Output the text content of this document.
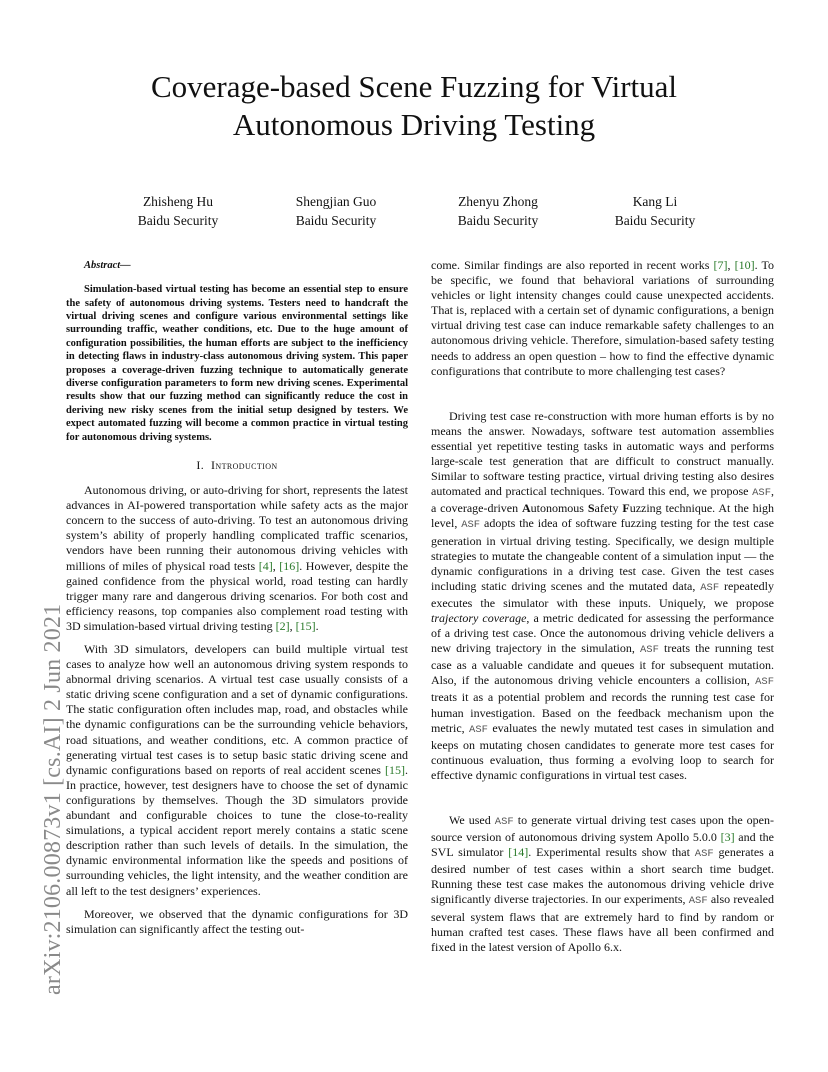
Coverage-based Scene Fuzzing for Virtual
Autonomous Driving Testing
Zhisheng Hu
Baidu Security
Shengjian Guo
Baidu Security
Zhenyu Zhong
Baidu Security
Kang Li
Baidu Security
arXiv:2106.00873v1 [cs.AI] 2 Jun 2021
Abstract—

Simulation-based virtual testing has become an essential step to ensure the safety of autonomous driving systems. Testers need to handcraft the virtual driving scenes and configure various environmental settings like surrounding traffic, weather conditions, etc. Due to the huge amount of configuration possibilities, the human efforts are subject to the inefficiency in detecting flaws in industry-class autonomous driving system. This paper proposes a coverage-driven fuzzing technique to automatically generate diverse configuration parameters to form new driving scenes. Experimental results show that our fuzzing method can significantly reduce the cost in deriving new risky scenes from the initial setup designed by testers. We expect automated fuzzing will become a common practice in virtual testing for autonomous driving systems.

I. Introduction

Autonomous driving, or auto-driving for short, represents the latest advances in AI-powered transportation while safety acts as the major concern to the success of auto-driving. To test an autonomous driving system’s ability of properly handling complicated traffic scenarios, vendors have been running their autonomous driving vehicles with millions of miles of physical road tests [4], [16]. However, despite the gained confidence from the physical world, road testing can hardly trigger many rare and dangerous driving scenarios. For both cost and efficiency reasons, top companies also complement road testing with 3D simulation-based virtual driving testing [2], [15].

With 3D simulators, developers can build multiple virtual test cases to analyze how well an autonomous driving system responds to abnormal driving scenarios. A virtual test case usually consists of a static driving scene configuration and a set of dynamic configurations. The static configuration often includes map, road, and obstacles while the dynamic configurations can be the surrounding vehicle behaviors, road situations, and weather conditions, etc. A common practice of generating virtual test cases is to setup basic static driving scene and dynamic configurations based on reports of real accident scenes [15]. In practice, however, test designers have to choose the set of dynamic configurations by themselves. Though the 3D simulators provide abundant and configurable choices to tune the close-to-reality simulations, a typical accident report merely contains a static scene description rather than such levels of details. In the simulation, the dynamic environmental information like the speeds and positions of surrounding vehicles, the light intensity, and the weather condition are all left to the test designers’ experiences.

Moreover, we observed that the dynamic configurations for 3D simulation can significantly affect the testing out-

come. Similar findings are also reported in recent works [7], [10]. To be specific, we found that behavioral variations of surrounding vehicles or light intensity changes could cause unexpected accidents. That is, replaced with a certain set of dynamic configurations, a benign virtual driving test case can induce remarkable safety challenges to an autonomous driving vehicle. Therefore, simulation-based safety testing needs to address an open question – how to find the effective dynamic configurations that contribute to more challenging test cases?

Driving test case re-construction with more human efforts is by no means the answer. Nowadays, software test automation assemblies essential yet repetitive testing tasks in automatic ways and performs large-scale test generation that are difficult to construct manually. Similar to software testing practice, virtual driving testing also desires automated and practical techniques. Toward this end, we propose ASF, a coverage-driven Autonomous Safety Fuzzing technique. At the high level, ASF adopts the idea of software fuzzing testing for the test case generation in virtual driving testing. Specifically, we design multiple strategies to mutate the changeable content of a simulation input — the dynamic configurations in a driving test case. Given the test cases including static driving scenes and the mutated data, ASF repeatedly executes the simulator with these inputs. Uniquely, we propose trajectory coverage, a metric dedicated for assessing the performance of a driving test case. Once the autonomous driving vehicle delivers a new driving trajectory in the simulation, ASF treats the running test case as a valuable candidate and queues it for subsequent mutation. Also, if the autonomous driving vehicle encounters a collision, ASF treats it as a potential problem and records the running test case for human investigation. Based on the feedback mechanism upon the metric, ASF evaluates the newly mutated test cases in simulation and keeps on mutating chosen candidates to generate more test cases for continuous evaluation, thus forming a evolving loop to search for effective dynamic configurations in virtual test cases.

We used ASF to generate virtual driving test cases upon the open-source version of autonomous driving system Apollo 5.0.0 [3] and the SVL simulator [14]. Experimental results show that ASF generates a desired number of test cases within a short search time budget. Running these test case makes the autonomous driving vehicle drive significantly diverse trajectories. In our experiments, ASF also revealed several system flaws that are extremely hard to find by random or human crafted test cases. These flaws have all been confirmed and fixed in the latest version of Apollo 6.x.
